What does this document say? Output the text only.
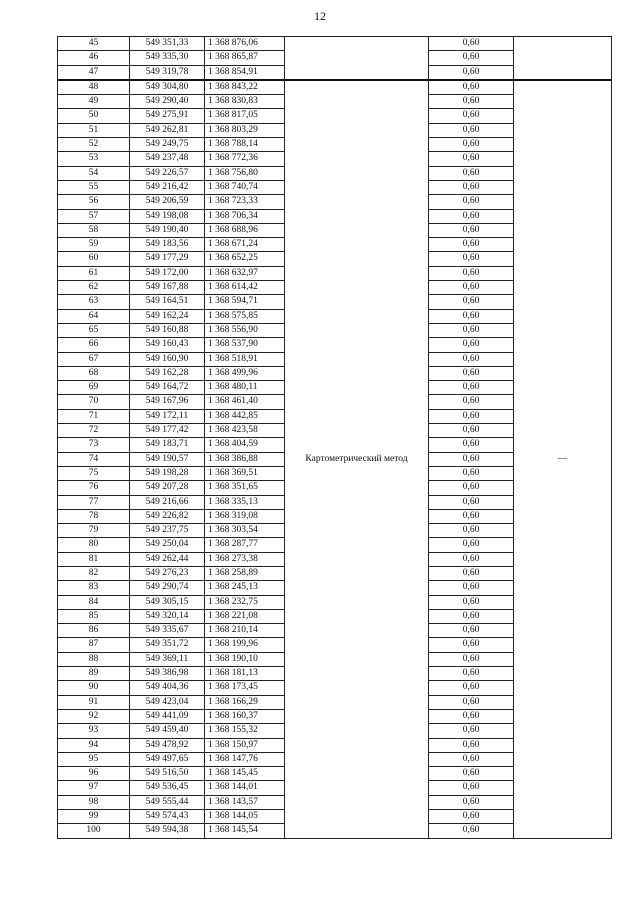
12
45	549 351,33	1 368 876,06		0,60	
46	549 335,30	1 368 865,87		0,60	
47	549 319,78	1 368 854,91		0,60	
48	549 304,80	1 368 843,22	Картометрический метод	0,60	—
49	549 290,40	1 368 830,83		0,60	
50	549 275,91	1 368 817,05		0,60	
51	549 262,81	1 368 803,29		0,60	
52	549 249,75	1 368 788,14		0,60	
53	549 237,48	1 368 772,36		0,60	
54	549 226,57	1 368 756,80		0,60	
55	549 216,42	1 368 740,74		0,60	
56	549 206,59	1 368 723,33		0,60	
57	549 198,08	1 368 706,34		0,60	
58	549 190,40	1 368 688,96		0,60	
59	549 183,56	1 368 671,24		0,60	
60	549 177,29	1 368 652,25		0,60	
61	549 172,00	1 368 632,97		0,60	
62	549 167,88	1 368 614,42		0,60	
63	549 164,51	1 368 594,71		0,60	
64	549 162,24	1 368 575,85		0,60	
65	549 160,88	1 368 556,90		0,60	
66	549 160,43	1 368 537,90		0,60	
67	549 160,90	1 368 518,91		0,60	
68	549 162,28	1 368 499,96		0,60	
69	549 164,72	1 368 480,11		0,60	
70	549 167,96	1 368 461,40		0,60	
71	549 172,11	1 368 442,85		0,60	
72	549 177,42	1 368 423,58		0,60	
73	549 183,71	1 368 404,59		0,60	
74	549 190,57	1 368 386,88		0,60	
75	549 198,28	1 368 369,51		0,60	
76	549 207,28	1 368 351,65		0,60	
77	549 216,66	1 368 335,13		0,60	
78	549 226,82	1 368 319,08		0,60	
79	549 237,75	1 368 303,54		0,60	
80	549 250,04	1 368 287,77		0,60	
81	549 262,44	1 368 273,38		0,60	
82	549 276,23	1 368 258,89		0,60	
83	549 290,74	1 368 245,13		0,60	
84	549 305,15	1 368 232,75		0,60	
85	549 320,14	1 368 221,08		0,60	
86	549 335,67	1 368 210,14		0,60	
87	549 351,72	1 368 199,96		0,60	
88	549 369,11	1 368 190,10		0,60	
89	549 386,98	1 368 181,13		0,60	
90	549 404,36	1 368 173,45		0,60	
91	549 423,04	1 368 166,29		0,60	
92	549 441,09	1 368 160,37		0,60	
93	549 459,40	1 368 155,32		0,60	
94	549 478,92	1 368 150,97		0,60	
95	549 497,65	1 368 147,76		0,60	
96	549 516,50	1 368 145,45		0,60	
97	549 536,45	1 368 144,01		0,60	
98	549 555,44	1 368 143,57		0,60	
99	549 574,43	1 368 144,05		0,60	
100	549 594,38	1 368 145,54		0,60	
